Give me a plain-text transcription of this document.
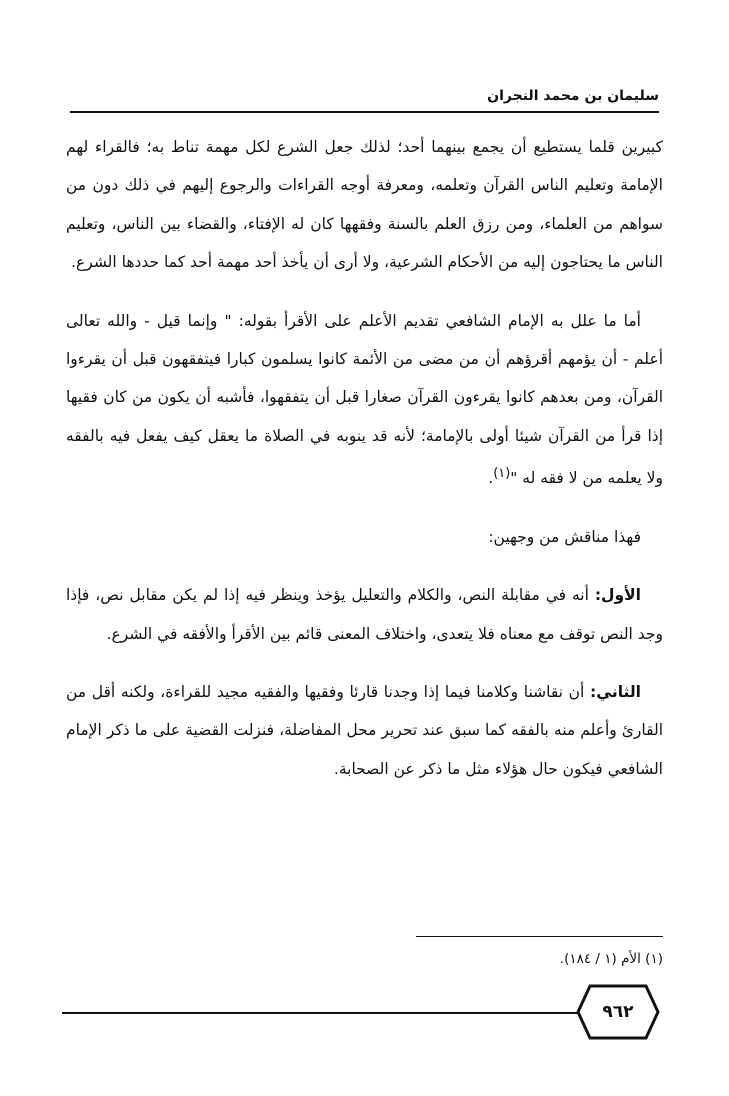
سليمان بن محمد النجران

كبيرين قلما يستطيع أن يجمع بينهما أحد؛ لذلك جعل الشرع لكل مهمة تناط به؛ فالقراء لهم الإمامة وتعليم الناس القرآن وتعلمه، ومعرفة أوجه القراءات والرجوع إليهم في ذلك دون من سواهم من العلماء، ومن رزق العلم بالسنة وفقهها كان له الإفتاء، والقضاء بين الناس، وتعليم الناس ما يحتاجون إليه من الأحكام الشرعية، ولا أرى أن يأخذ أحد مهمة أحد كما حددها الشرع.

أما ما علل به الإمام الشافعي تقديم الأعلم على الأقرأ بقوله: " وإنما قيل - والله تعالى أعلم - أن يؤمهم أقرؤهم أن من مضى من الأئمة كانوا يسلمون كبارا فيتفقهون قبل أن يقرءوا القرآن، ومن بعدهم كانوا يقرءون القرآن صغارا قبل أن يتفقهوا، فأشبه أن يكون من كان فقيها إذا قرأ من القرآن شيئا أولى بالإمامة؛ لأنه قد ينوبه في الصلاة ما يعقل كيف يفعل فيه بالفقه ولا يعلمه من لا فقه له "$^{(١)}$.

فهذا مناقش من وجهين:

الأول: أنه في مقابلة النص، والكلام والتعليل يؤخذ وينظر فيه إذا لم يكن مقابل نص، فإذا وجد النص توقف مع معناه فلا يتعدى، واختلاف المعنى قائم بين الأقرأ والأفقه في الشرع.

الثاني: أن نقاشنا وكلامنا فيما إذا وجدنا قارئا وفقيها والفقيه مجيد للقراءة، ولكنه أقل من القارئ وأعلم منه بالفقه كما سبق عند تحرير محل المفاضلة، فنزلت القضية على ما ذكر الإمام الشافعي فيكون حال هؤلاء مثل ما ذكر عن الصحابة.

(١) الأم (١ / ١٨٤).
٩٦٢
